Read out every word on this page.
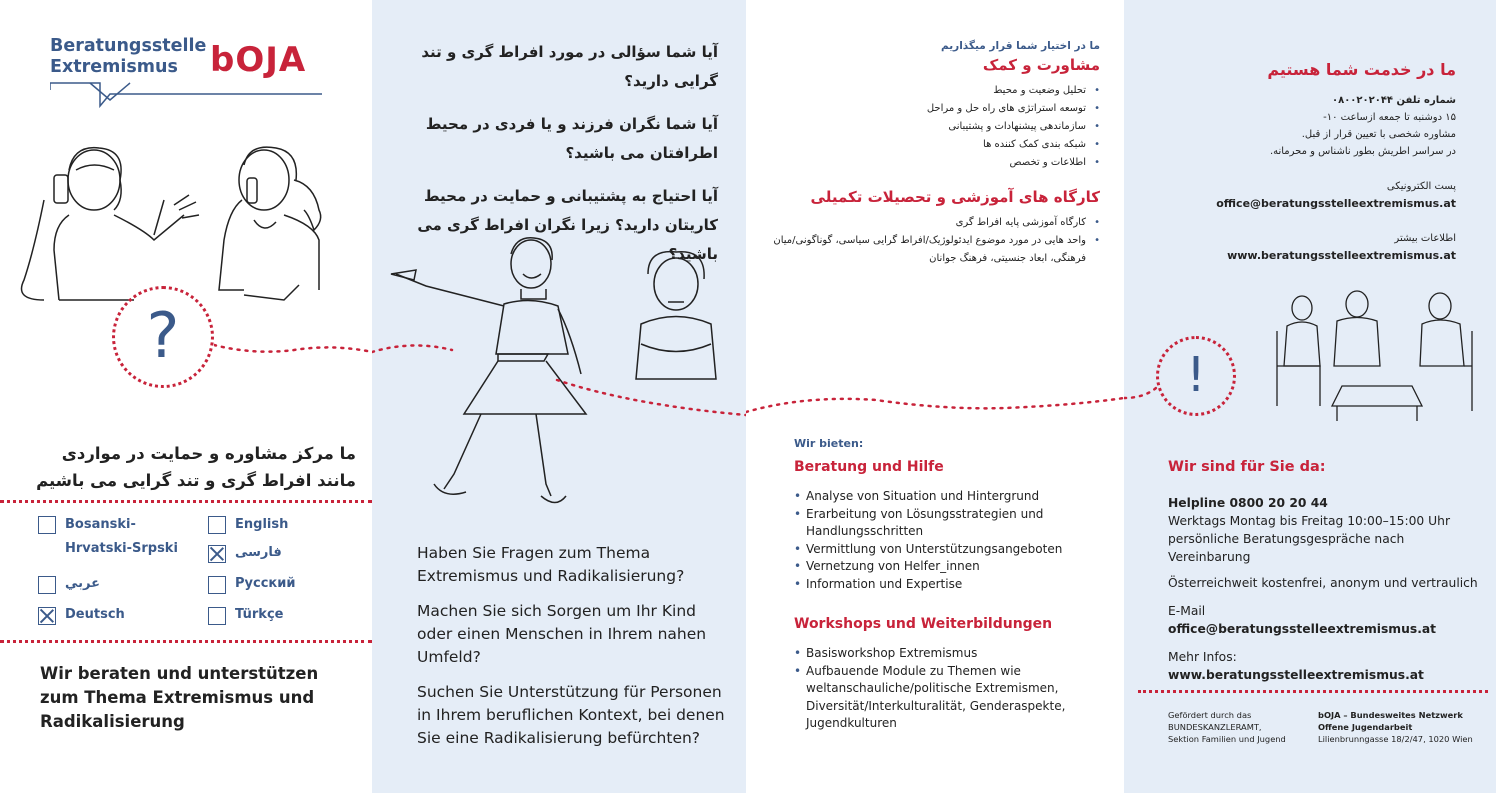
Beratungsstelle
Extremismus bOJA
?
ما مرکز مشاوره و حمایت در مواردی مانند افراط گری و تند گرایی می باشیم
Bosanski-
Hrvatski-Srpski
English
فارسی
عربي	Русский
Deutsch	Türkçe
Wir beraten und unterstützen zum Thema Extremismus und Radikalisierung

آیا شما سؤالی در مورد افراط گری و تند گرایی دارید؟

آیا شما نگران فرزند و یا فردی در محیط اطرافتان می باشید؟

آیا احتیاج به پشتیبانی و حمایت در محیط کاریتان دارید؟ زیرا نگران افراط گری می باشید؟

Haben Sie Fragen zum Thema Extremismus und Radikalisierung?

Machen Sie sich Sorgen um Ihr Kind oder einen Menschen in Ihrem nahen Umfeld?

Suchen Sie Unterstützung für Personen in Ihrem beruflichen Kontext, bei denen Sie eine Radikalisierung befürchten?

ما در اختیار شما قرار میگذاریم
مشاورت و کمک
• تحلیل وضعیت و محیط
• توسعه استراتژی های راه حل و مراحل
• سازماندهی پیشنهادات و پشتیبانی
• شبکه بندی کمک کننده ها
• اطلاعات و تخصص
کارگاه های آموزشی و تحصیلات تکمیلی
• کارگاه آموزشی پایه افراط گری
• واحد هایی در مورد موضوع ایدئولوژیک/افراط گرایی سیاسی، گوناگونی/میان فرهنگی، ابعاد جنسیتی، فرهنگ جوانان
Wir bieten:
Beratung und Hilfe
• Analyse von Situation und Hintergrund
• Erarbeitung von Lösungsstrategien und Handlungsschritten
• Vermittlung von Unterstützungsangeboten
• Vernetzung von Helfer_innen
• Information und Expertise
Workshops und Weiterbildungen
• Basisworkshop Extremismus
• Aufbauende Module zu Themen wie weltanschauliche/politische Extremismen, Diversität/Interkulturalität, Genderaspekte, Jugendkulturen
ما در خدمت شما هستیم
شماره تلفن ۰۸۰۰۲۰۲۰۴۴
۱۵ دوشنبه تا جمعه ازساعت ۱۰-
مشاوره شخصی با تعیین قرار از قبل.
در سراسر اطریش بطور ناشناس و محرمانه.
پست الکترونیکی
office@beratungsstelleextremismus.at
اطلاعات بیشتر
www.beratungsstelleextremismus.at
!
Wir sind für Sie da:
Helpline 0800 20 20 44
Werktags Montag bis Freitag 10:00–15:00 Uhr
persönliche Beratungsgespräche nach Vereinbarung
Österreichweit kostenfrei, anonym und vertraulich
E-Mail
office@beratungsstelleextremismus.at
Mehr Infos:
www.beratungsstelleextremismus.at
Gefördert durch das
BUNDESKANZLERAMT,
Sektion Familien und Jugend
bOJA – Bundesweites Netzwerk
Offene Jugendarbeit
Lilienbrunngasse 18/2/47, 1020 Wien
